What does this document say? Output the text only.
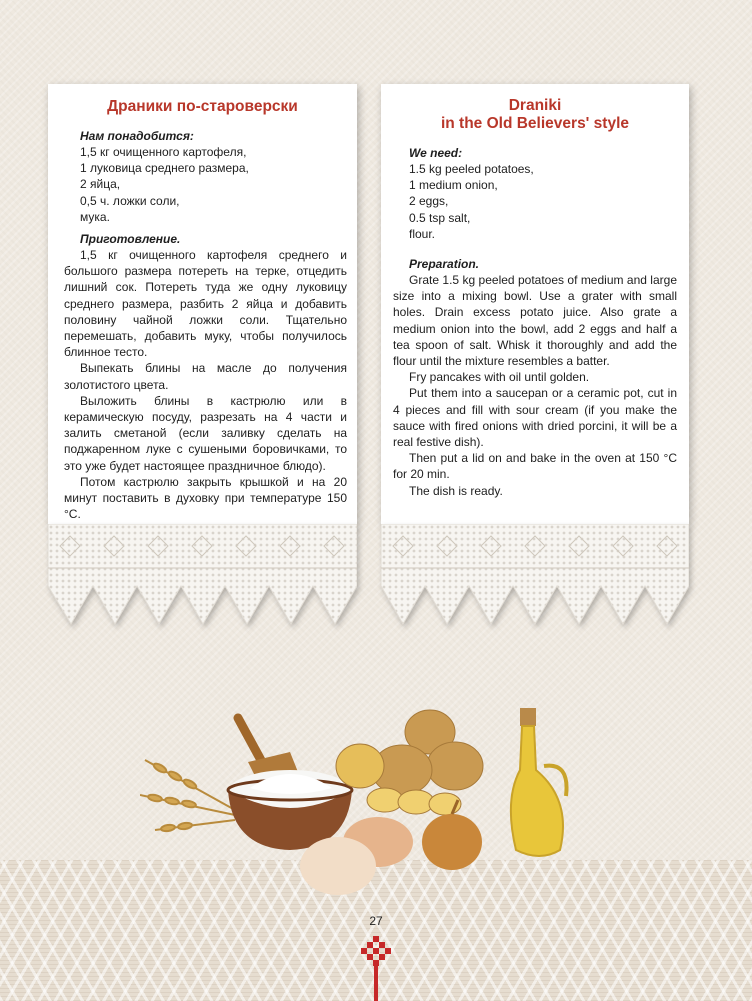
Драники по-староверски

Нам понадобится:

1,5 кг очищенного картофеля,

1 луковица среднего размера,

2 яйца,

0,5 ч. ложки соли,

мука.

Приготовление.

1,5 кг очищенного картофеля среднего и большого размера потереть на терке, отцедить лишний сок. Потереть туда же одну луковицу среднего размера, разбить 2 яйца и добавить половину чайной ложки соли. Тщательно перемешать, добавить муку, чтобы получилось блинное тесто.

Выпекать блины на масле до получения золотистого цвета.

Выложить блины в кастрюлю или в керамическую посуду, разрезать на 4 части и залить сметаной (если заливку сделать на поджаренном луке с сушеными боровичками, то это уже будет настоящее праздничное блюдо).

Потом кастрюлю закрыть крышкой и на 20 минут поставить в духовку при температуре 150 °С.

Draniki
in the Old Believers' style

We need:

1.5 kg peeled potatoes,

1 medium onion,

2 eggs,

0.5 tsp salt,

flour.

Preparation.

Grate 1.5 kg peeled potatoes of medium and large size into a mixing bowl. Use a grater with small holes. Drain excess potato juice. Also grate a medium onion into the bowl, add 2 eggs and half a tea spoon of salt. Whisk it thoroughly and add the flour until the mixture resembles a batter.

Fry pancakes with oil until golden.

Put them into a saucepan or a ceramic pot, cut in 4 pieces and fill with sour cream (if you make the sauce with fired onions with dried porcini, it will be a real festive dish).

Then put a lid on and bake in the oven at 150 °C for 20 min.

The dish is ready.

27
